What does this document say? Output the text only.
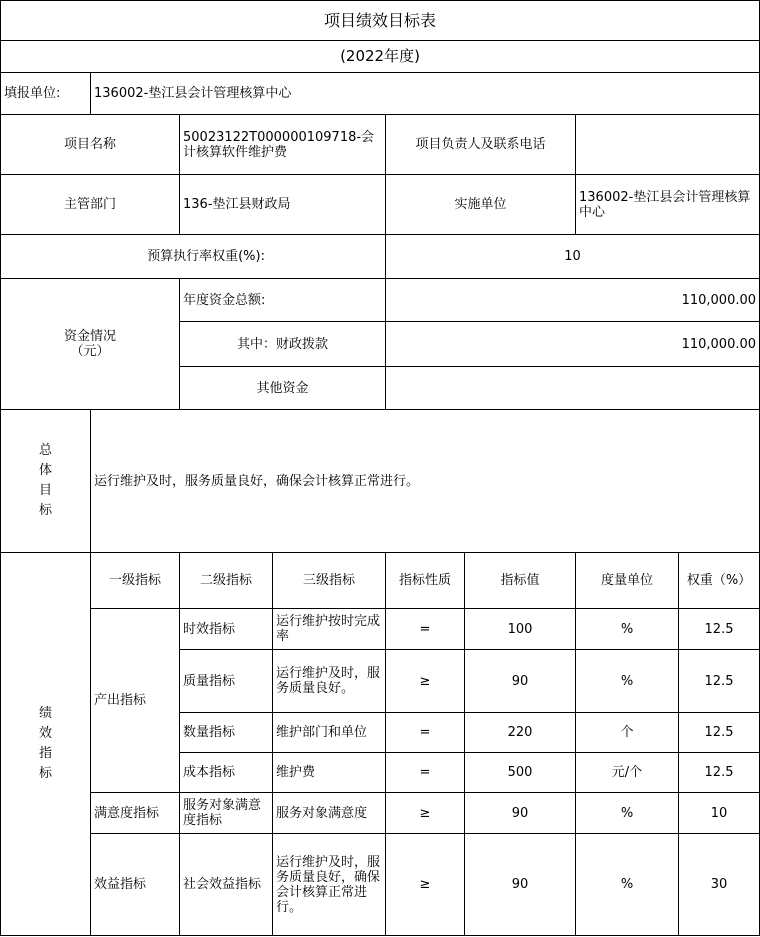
项目绩效目标表							
(2022年度)							
填报单位:	136002-垫江县会计管理核算中心						
项目名称		50023122T000000109718-会计核算软件维护费		项目负责人及联系电话			
主管部门		136-垫江县财政局		实施单位		136002-垫江县会计管理核算中心	
预算执行率权重(%):				10			
资金情况（元）		年度资金总额:		110,000.00			
		其中：财政拨款		110,000.00			
		其他资金					
总体目标	运行维护及时，服务质量良好，确保会计核算正常进行。						
绩效指标	一级指标	二级指标	三级指标	指标性质	指标值	度量单位	权重（%）
	产出指标	时效指标	运行维护按时完成率	=	100	%	12.5
		质量指标	运行维护及时，服务质量良好。	≥	90	%	12.5
		数量指标	维护部门和单位	=	220	个	12.5
		成本指标	维护费	=	500	元/个	12.5
	满意度指标	服务对象满意度指标	服务对象满意度	≥	90	%	10
	效益指标	社会效益指标	运行维护及时，服务质量良好，确保会计核算正常进行。	≥	90	%	30
